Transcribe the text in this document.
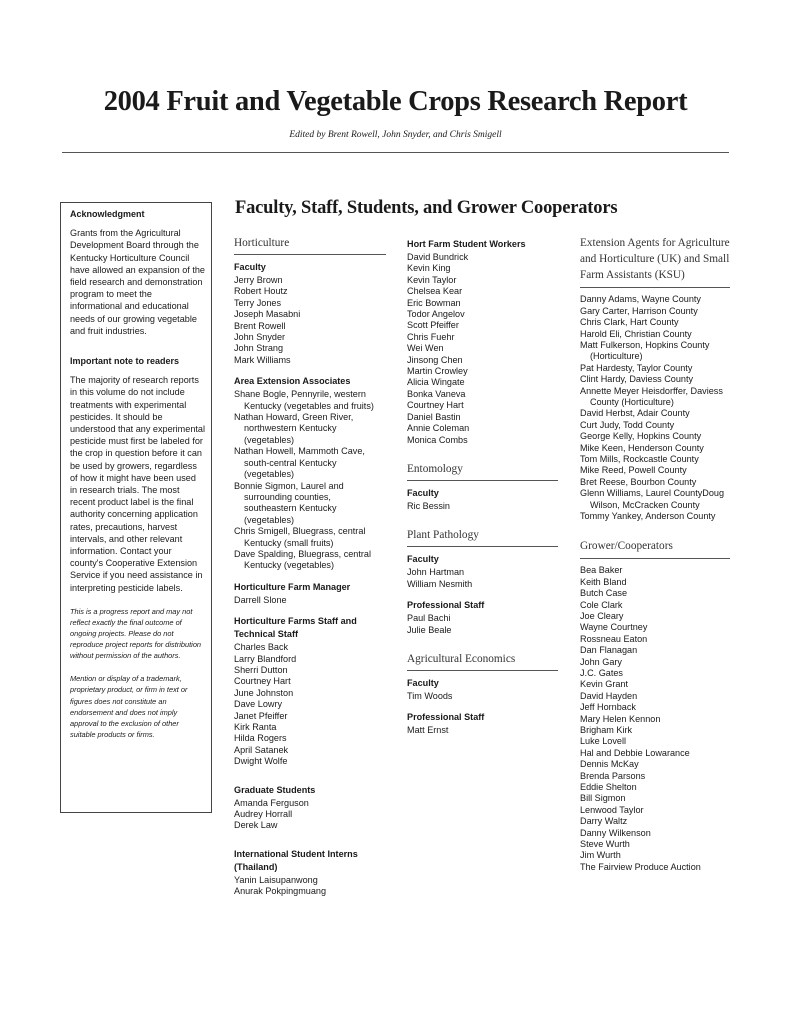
2004 Fruit and Vegetable Crops Research Report
Edited by Brent Rowell, John Snyder, and Chris Smigell
Acknowledgment

Grants from the Agricultural Development Board through the Kentucky Horticulture Council have allowed an expansion of the field research and demonstration program to meet the informational and educational needs of our growing vegetable and fruit industries.

Important note to readers

The majority of research reports in this volume do not include treatments with experimental pesticides. It should be understood that any experimental pesticide must first be labeled for the crop in question before it can be used by growers, regardless of how it might have been used in research trials. The most recent product label is the final authority concerning application rates, precautions, harvest intervals, and other relevant information. Contact your county's Cooperative Extension Service if you need assistance in interpreting pesticide labels.

This is a progress report and may not reflect exactly the final outcome of ongoing projects. Please do not reproduce project reports for distribution without permission of the authors.

Mention or display of a trademark, proprietary product, or firm in text or figures does not constitute an endorsement and does not imply approval to the exclusion of other suitable products or firms.

Faculty, Staff, Students, and Grower Cooperators
Horticulture
Faculty
Jerry Brown
Robert Houtz
Terry Jones
Joseph Masabni
Brent Rowell
John Snyder
John Strang
Mark Williams
Area Extension Associates
Shane Bogle, Pennyrile, western Kentucky (vegetables and fruits)
Nathan Howard, Green River, northwestern Kentucky (vegetables)
Nathan Howell, Mammoth Cave, south-central Kentucky (vegetables)
Bonnie Sigmon, Laurel and surrounding counties, southeastern Kentucky (vegetables)
Chris Smigell, Bluegrass, central Kentucky (small fruits)
Dave Spalding, Bluegrass, central Kentucky (vegetables)
Horticulture Farm Manager
Darrell Slone
Horticulture Farms Staff and Technical Staff
Charles Back
Larry Blandford
Sherri Dutton
Courtney Hart
June Johnston
Dave Lowry
Janet Pfeiffer
Kirk Ranta
Hilda Rogers
April Satanek
Dwight Wolfe
Graduate Students
Amanda Ferguson
Audrey Horrall
Derek Law
International Student Interns (Thailand)
Yanin Laisupanwong
Anurak Pokpingmuang
Hort Farm Student Workers
David Bundrick
Kevin King
Kevin Taylor
Chelsea Kear
Eric Bowman
Todor Angelov
Scott Pfeiffer
Chris Fuehr
Wei Wen
Jinsong Chen
Martin Crowley
Alicia Wingate
Bonka Vaneva
Courtney Hart
Daniel Bastin
Annie Coleman
Monica Combs
Entomology
Faculty
Ric Bessin
Plant Pathology
Faculty
John Hartman
William Nesmith
Professional Staff
Paul Bachi
Julie Beale
Agricultural Economics
Faculty
Tim Woods
Professional Staff
Matt Ernst
Extension Agents for Agriculture and Horticulture (UK) and Small Farm Assistants (KSU)
Danny Adams, Wayne County
Gary Carter, Harrison County
Chris Clark, Hart County
Harold Eli, Christian County
Matt Fulkerson, Hopkins County (Horticulture)
Pat Hardesty, Taylor County
Clint Hardy, Daviess County
Annette Meyer Heisdorffer, Daviess County (Horticulture)
David Herbst, Adair County
Curt Judy, Todd County
George Kelly, Hopkins County
Mike Keen, Henderson County
Tom Mills, Rockcastle County
Mike Reed, Powell County
Bret Reese, Bourbon County
Glenn Williams, Laurel CountyDoug Wilson, McCracken County
Tommy Yankey, Anderson County
Grower/Cooperators
Bea Baker
Keith Bland
Butch Case
Cole Clark
Joe Cleary
Wayne Courtney
Rossneau Eaton
Dan Flanagan
John Gary
J.C. Gates
Kevin Grant
David Hayden
Jeff Hornback
Mary Helen Kennon
Brigham Kirk
Luke Lovell
Hal and Debbie Lowarance
Dennis McKay
Brenda Parsons
Eddie Shelton
Bill Sigmon
Lenwood Taylor
Darry Waltz
Danny Wilkenson
Steve Wurth
Jim Wurth
The Fairview Produce Auction
